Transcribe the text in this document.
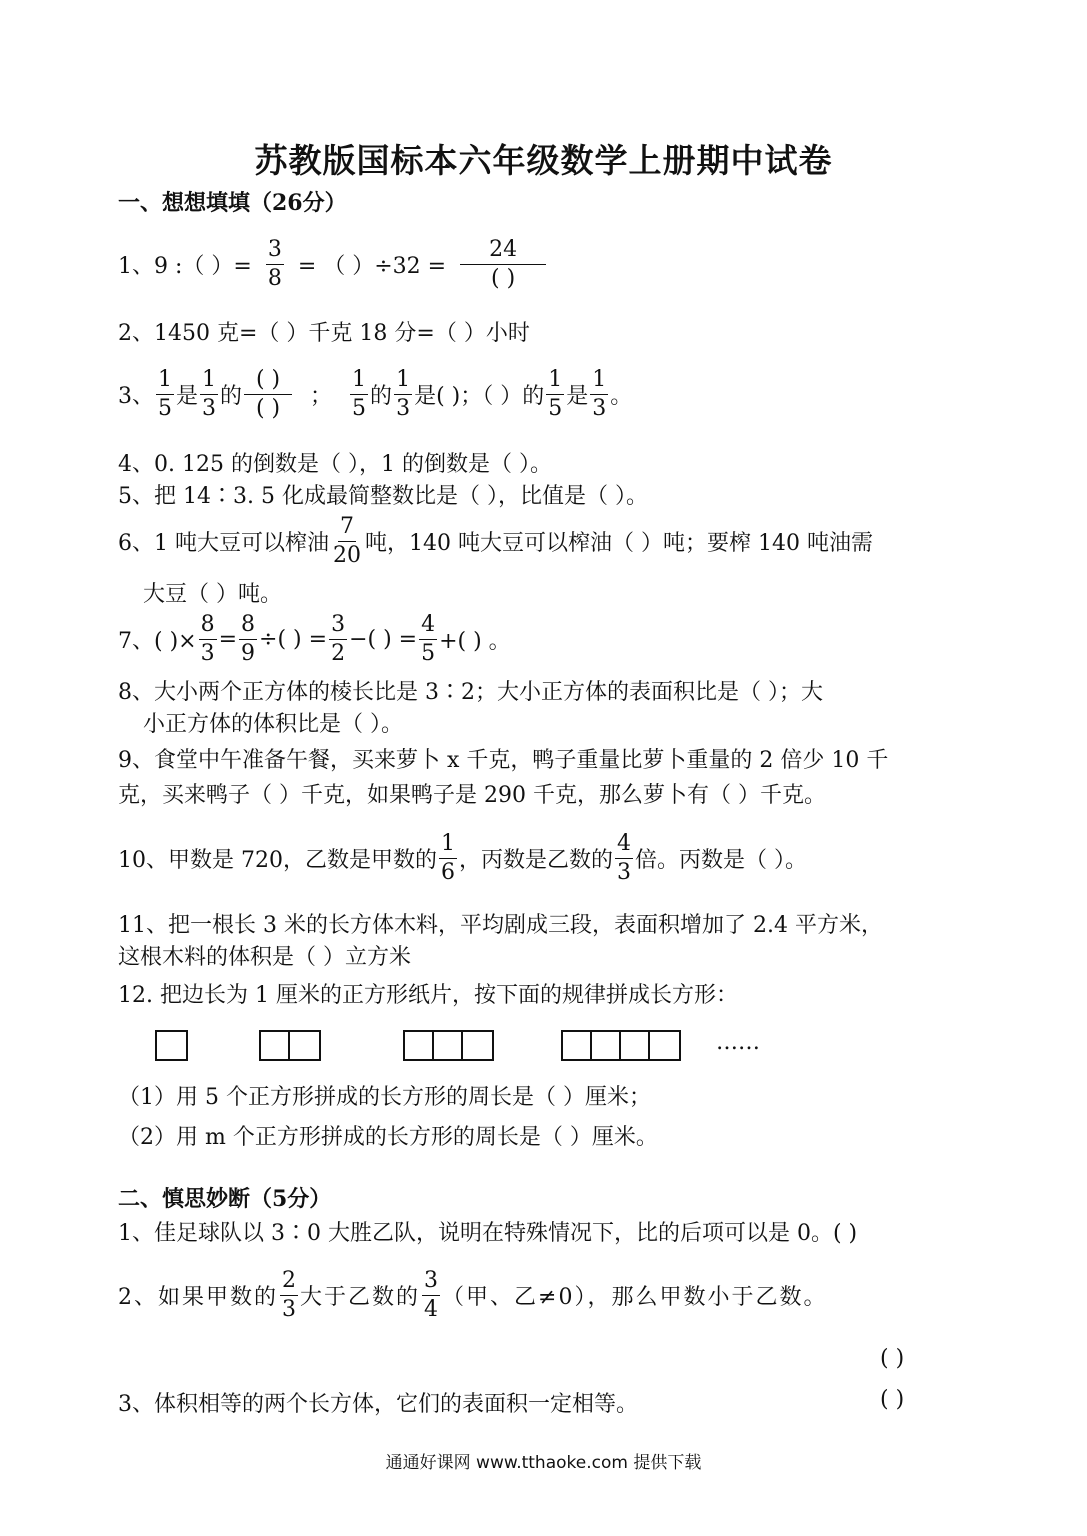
苏教版国标本六年级数学上册期中试卷
一、想想填填（26分）
1、9 :（ ）= $\frac{3}{8}$ = （ ）$\div 32 = \frac{24}{( )}$
2、1450 克=（ ）千克 18 分=（ ）小时
3、 $\frac{1}{5}$ 是 $\frac{1}{3}$ 的 $\frac{( )}{( )}$ ； $\frac{1}{5}$ 的 $\frac{1}{3}$ 是( )；（ ）的 $\frac{1}{5}$ 是 $\frac{1}{3}$ 。
4、0. 125 的倒数是（ ），1 的倒数是（ ）。
5、把 14∶3. 5 化成最简整数比是（ ），比值是（ ）。
6、1 吨大豆可以榨油 $\frac{7}{20}$ 吨，140 吨大豆可以榨油（ ）吨；要榨 140 吨油需
大豆（ ）吨。
7、( )× $\frac{8}{3} = \frac{8}{9}$ ÷( ) = $\frac{3}{2}$ −( ) = $\frac{4}{5}$ +( ) 。
8、大小两个正方体的棱长比是 3∶2；大小正方体的表面积比是（ ）；大
小正方体的体积比是（ ）。
9、食堂中午准备午餐，买来萝卜 x 千克，鸭子重量比萝卜重量的 2 倍少 10 千
克，买来鸭子（ ）千克，如果鸭子是 290 千克，那么萝卜有（ ）千克。
10、甲数是 720，乙数是甲数的 $\frac{1}{6}$ ，丙数是乙数的 $\frac{4}{3}$ 倍。丙数是（ ）。
11、把一根长 3 米的长方体木料，平均剧成三段，表面积增加了 2.4 平方米，
这根木料的体积是（ ）立方米
12. 把边长为 1 厘米的正方形纸片，按下面的规律拼成长方形：
……
（1）用 5 个正方形拼成的长方形的周长是（ ）厘米；
（2）用 m 个正方形拼成的长方形的周长是（ ）厘米。
二、慎思妙断（5分）
1、佳足球队以 3∶0 大胜乙队，说明在特殊情况下，比的后项可以是 0。( )
2、如果甲数的 $\frac{2}{3}$ 大于乙数的 $\frac{3}{4}$ （甲、乙≠0），那么甲数小于乙数。
( )
3、体积相等的两个长方体，它们的表面积一定相等。	( )
通通好课网 www.tthaoke.com 提供下载
